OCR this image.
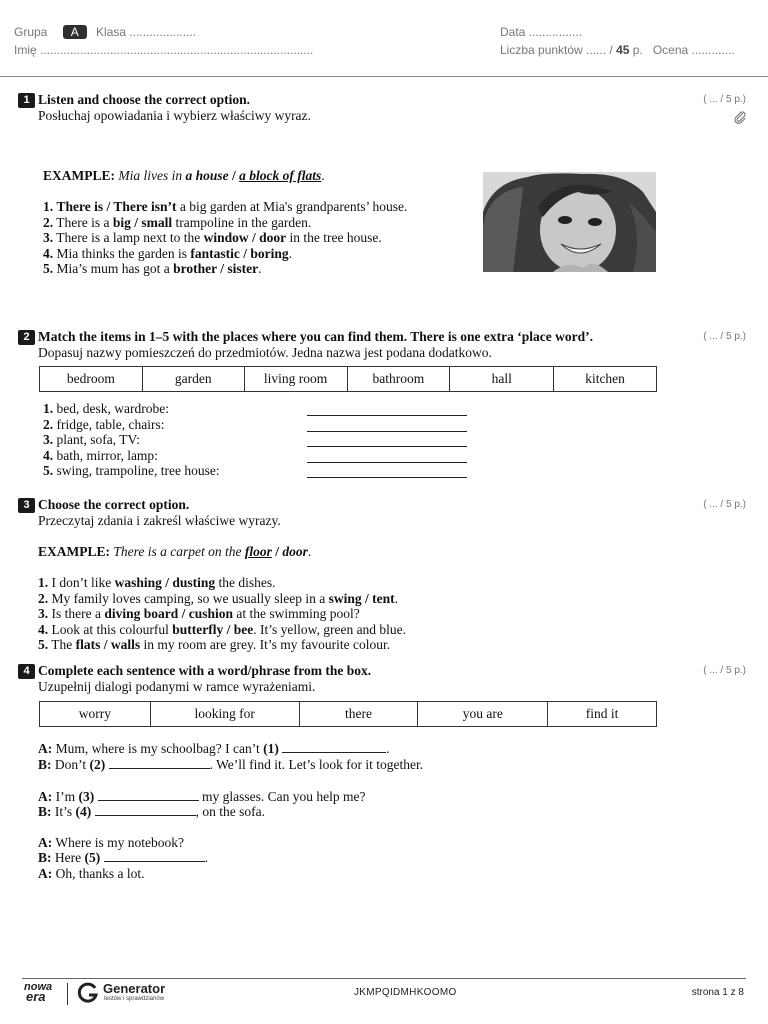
Grupa A Klasa ....................
Imię ..................................................................................
Data ................
Liczba punktów ...... / 45 p. Ocena .............
1 Listen and choose the correct option.
Posłuchaj opowiadania i wybierz właściwy wyraz.
( ... / 5 p.)
EXAMPLE: Mia lives in a house / a block of flats.
1. There is / There isn’t a big garden at Mia's grandparents’ house.
2. There is a big / small trampoline in the garden.
3. There is a lamp next to the window / door in the tree house.
4. Mia thinks the garden is fantastic / boring.
5. Mia’s mum has got a brother / sister.
2 Match the items in 1–5 with the places where you can find them. There is one extra ‘place word’.
Dopasuj nazwy pomieszczeń do przedmiotów. Jedna nazwa jest podana dodatkowo.
( ... / 5 p.)
bedroom	garden	living room	bathroom	hall	kitchen
1. bed, desk, wardrobe:
2. fridge, table, chairs:
3. plant, sofa, TV:
4. bath, mirror, lamp:
5. swing, trampoline, tree house:
3 Choose the correct option.
Przeczytaj zdania i zakreśl właściwe wyrazy.
( ... / 5 p.)
EXAMPLE: There is a carpet on the floor / door.
1. I don’t like washing / dusting the dishes.
2. My family loves camping, so we usually sleep in a swing / tent.
3. Is there a diving board / cushion at the swimming pool?
4. Look at this colourful butterfly / bee. It’s yellow, green and blue.
5. The flats / walls in my room are grey. It’s my favourite colour.
4 Complete each sentence with a word/phrase from the box.
Uzupełnij dialogi podanymi w ramce wyrażeniami.
( ... / 5 p.)
worry	looking for	there	you are	find it
A: Mum, where is my schoolbag? I can’t (1)	.
B: Don’t (2)	. We’ll find it. Let’s look for it together.
A: I’m (3)	my glasses. Can you help me?
B: It’s (4)	, on the sofa.
A: Where is my notebook?
B: Here (5)	.
A: Oh, thanks a lot.
nowa
era
Generator
testów i sprawdzianów
JKMPQIDMHKOOMO	strona 1 z 8
